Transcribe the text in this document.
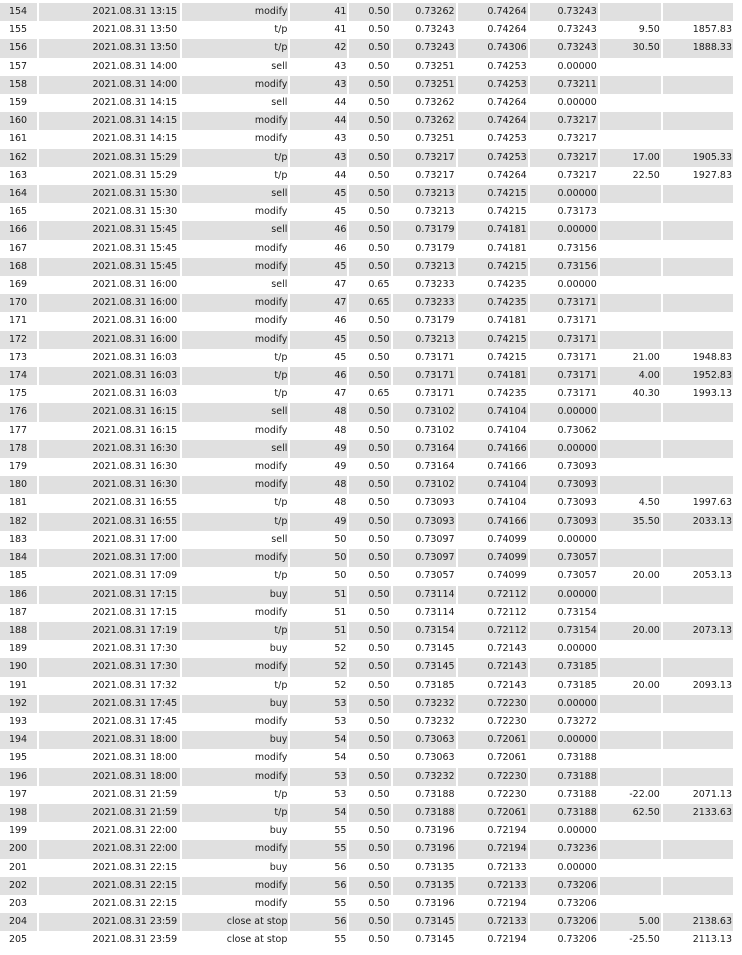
154	2021.08.31 13:15	modify	41	0.50	0.73262	0.74264	0.73243		
155	2021.08.31 13:50	t/p	41	0.50	0.73243	0.74264	0.73243	9.50	1857.83
156	2021.08.31 13:50	t/p	42	0.50	0.73243	0.74306	0.73243	30.50	1888.33
157	2021.08.31 14:00	sell	43	0.50	0.73251	0.74253	0.00000		
158	2021.08.31 14:00	modify	43	0.50	0.73251	0.74253	0.73211		
159	2021.08.31 14:15	sell	44	0.50	0.73262	0.74264	0.00000		
160	2021.08.31 14:15	modify	44	0.50	0.73262	0.74264	0.73217		
161	2021.08.31 14:15	modify	43	0.50	0.73251	0.74253	0.73217		
162	2021.08.31 15:29	t/p	43	0.50	0.73217	0.74253	0.73217	17.00	1905.33
163	2021.08.31 15:29	t/p	44	0.50	0.73217	0.74264	0.73217	22.50	1927.83
164	2021.08.31 15:30	sell	45	0.50	0.73213	0.74215	0.00000		
165	2021.08.31 15:30	modify	45	0.50	0.73213	0.74215	0.73173		
166	2021.08.31 15:45	sell	46	0.50	0.73179	0.74181	0.00000		
167	2021.08.31 15:45	modify	46	0.50	0.73179	0.74181	0.73156		
168	2021.08.31 15:45	modify	45	0.50	0.73213	0.74215	0.73156		
169	2021.08.31 16:00	sell	47	0.65	0.73233	0.74235	0.00000		
170	2021.08.31 16:00	modify	47	0.65	0.73233	0.74235	0.73171		
171	2021.08.31 16:00	modify	46	0.50	0.73179	0.74181	0.73171		
172	2021.08.31 16:00	modify	45	0.50	0.73213	0.74215	0.73171		
173	2021.08.31 16:03	t/p	45	0.50	0.73171	0.74215	0.73171	21.00	1948.83
174	2021.08.31 16:03	t/p	46	0.50	0.73171	0.74181	0.73171	4.00	1952.83
175	2021.08.31 16:03	t/p	47	0.65	0.73171	0.74235	0.73171	40.30	1993.13
176	2021.08.31 16:15	sell	48	0.50	0.73102	0.74104	0.00000		
177	2021.08.31 16:15	modify	48	0.50	0.73102	0.74104	0.73062		
178	2021.08.31 16:30	sell	49	0.50	0.73164	0.74166	0.00000		
179	2021.08.31 16:30	modify	49	0.50	0.73164	0.74166	0.73093		
180	2021.08.31 16:30	modify	48	0.50	0.73102	0.74104	0.73093		
181	2021.08.31 16:55	t/p	48	0.50	0.73093	0.74104	0.73093	4.50	1997.63
182	2021.08.31 16:55	t/p	49	0.50	0.73093	0.74166	0.73093	35.50	2033.13
183	2021.08.31 17:00	sell	50	0.50	0.73097	0.74099	0.00000		
184	2021.08.31 17:00	modify	50	0.50	0.73097	0.74099	0.73057		
185	2021.08.31 17:09	t/p	50	0.50	0.73057	0.74099	0.73057	20.00	2053.13
186	2021.08.31 17:15	buy	51	0.50	0.73114	0.72112	0.00000		
187	2021.08.31 17:15	modify	51	0.50	0.73114	0.72112	0.73154		
188	2021.08.31 17:19	t/p	51	0.50	0.73154	0.72112	0.73154	20.00	2073.13
189	2021.08.31 17:30	buy	52	0.50	0.73145	0.72143	0.00000		
190	2021.08.31 17:30	modify	52	0.50	0.73145	0.72143	0.73185		
191	2021.08.31 17:32	t/p	52	0.50	0.73185	0.72143	0.73185	20.00	2093.13
192	2021.08.31 17:45	buy	53	0.50	0.73232	0.72230	0.00000		
193	2021.08.31 17:45	modify	53	0.50	0.73232	0.72230	0.73272		
194	2021.08.31 18:00	buy	54	0.50	0.73063	0.72061	0.00000		
195	2021.08.31 18:00	modify	54	0.50	0.73063	0.72061	0.73188		
196	2021.08.31 18:00	modify	53	0.50	0.73232	0.72230	0.73188		
197	2021.08.31 21:59	t/p	53	0.50	0.73188	0.72230	0.73188	-22.00	2071.13
198	2021.08.31 21:59	t/p	54	0.50	0.73188	0.72061	0.73188	62.50	2133.63
199	2021.08.31 22:00	buy	55	0.50	0.73196	0.72194	0.00000		
200	2021.08.31 22:00	modify	55	0.50	0.73196	0.72194	0.73236		
201	2021.08.31 22:15	buy	56	0.50	0.73135	0.72133	0.00000		
202	2021.08.31 22:15	modify	56	0.50	0.73135	0.72133	0.73206		
203	2021.08.31 22:15	modify	55	0.50	0.73196	0.72194	0.73206		
204	2021.08.31 23:59	close at stop	56	0.50	0.73145	0.72133	0.73206	5.00	2138.63
205	2021.08.31 23:59	close at stop	55	0.50	0.73145	0.72194	0.73206	-25.50	2113.13
